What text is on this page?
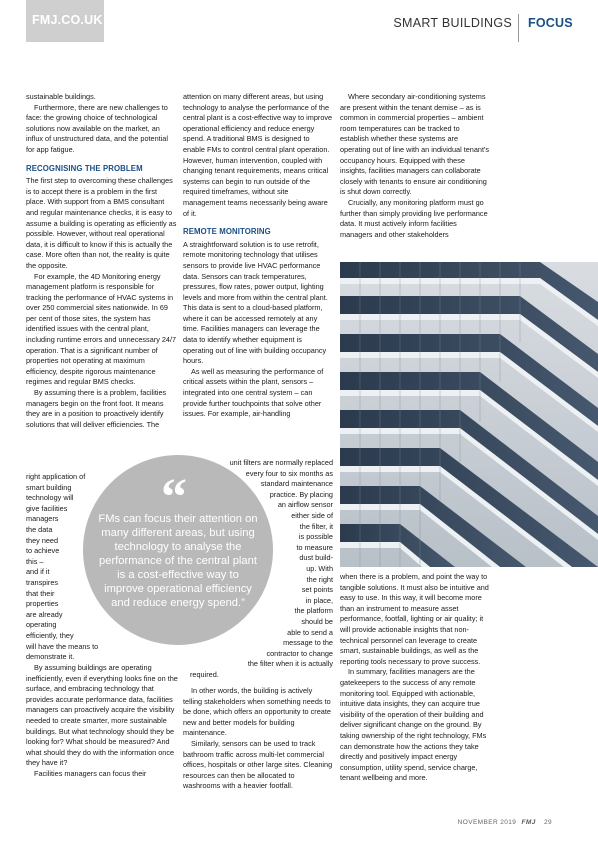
FMJ.CO.UK	SMART BUILDINGS FOCUS

sustainable buildings.

Furthermore, there are new challenges to face: the growing choice of technological solutions now available on the market, an influx of unstructured data, and the potential for app fatigue.

RECOGNISING THE PROBLEM

The first step to overcoming these challenges is to accept there is a problem in the first place. With support from a BMS consultant and regular maintenance checks, it is easy to assume a building is operating as efficiently as possible. However, without real operational data, it is difficult to know if this is actually the case. More often than not, the reality is quite the opposite.

For example, the 4D Monitoring energy management platform is responsible for tracking the performance of HVAC systems in over 250 commercial sites nationwide. In 69 per cent of those sites, the system has identified issues with the central plant, including runtime errors and unnecessary 24/7 operation. That is a significant number of properties not operating at maximum efficiency, despite rigorous maintenance regimes and regular BMS checks.

By assuming there is a problem, facilities managers begin on the front foot. It means they are in a position to proactively identify solutions that will deliver efficiencies. The

right application of
smart building
technology will
give facilities
managers
the data
they need
to achieve
this –
and if it
transpires
that their
properties
are already
operating
efficiently, they
will have the means to
demonstrate it.

By assuming buildings are operating inefficiently, even if everything looks fine on the surface, and embracing technology that provides accurate performance data, facilities managers can proactively acquire the visibility needed to create smarter, more sustainable buildings. But what technology should they be looking for? What should be measured? And what should they do with the information once they have it?

Facilities managers can focus their

attention on many different areas, but using technology to analyse the performance of the central plant is a cost-effective way to improve operational efficiency and reduce energy spend. A traditional BMS is designed to enable FMs to control central plant operation. However, human intervention, coupled with changing tenant requirements, means critical systems can begin to run outside of the required timeframes, without site management teams necessarily being aware of it.

REMOTE MONITORING

A straightforward solution is to use retrofit, remote monitoring technology that utilises sensors to provide live HVAC performance data. Sensors can track temperatures, pressures, flow rates, power output, lighting levels and more from within the central plant. This data is sent to a cloud-based platform, where it can be accessed remotely at any time. Facilities managers can leverage the data to identify whether equipment is operating out of line with building occupancy hours.

As well as measuring the performance of critical assets within the plant, sensors – integrated into one central system – can provide further touchpoints that solve other issues. For example, air-handling

unit filters are normally replaced
every four to six months as
standard maintenance
practice. By placing
an airflow sensor
either side of
the filter, it
is possible
to measure
dust build-
up. With
the right
set points
in place,
the platform
should be
able to send a
message to the
contractor to change
the filter when it is actually
required.

In other words, the building is actively telling stakeholders when something needs to be done, which offers an opportunity to create new and better models for building maintenance.

Similarly, sensors can be used to track bathroom traffic across multi-let commercial offices, hospitals or other large sites. Cleaning resources can then be allocated to washrooms with a heavier footfall.

“
FMs can focus their attention on many different areas, but using technology to analyse the performance of the central plant is a cost-effective way to improve operational efficiency and reduce energy spend.”

Where secondary air-conditioning systems are present within the tenant demise – as is common in commercial properties – ambient room temperatures can be tracked to establish whether these systems are operating out of line with an individual tenant's occupancy hours. Equipped with these insights, facilities managers can collaborate closely with tenants to ensure air conditioning is shut down correctly.

Crucially, any monitoring platform must go further than simply providing live performance data. It must actively inform facilities managers and other stakeholders

when there is a problem, and point the way to tangible solutions. It must also be intuitive and easy to use. In this way, it will become more than an instrument to measure asset performance, footfall, lighting or air quality; it will provide actionable insights that non-technical personnel can leverage to create smart, sustainable buildings, as well as the reporting tools necessary to prove success.

In summary, facilities managers are the gatekeepers to the success of any remote monitoring tool. Equipped with actionable, intuitive data insights, they can acquire true visibility of the operation of their building and deliver significant change on the ground. By taking ownership of the right technology, FMs can demonstrate how the actions they take directly and positively impact energy consumption, utility spend, service charge, tenant wellbeing and more.

NOVEMBER 2019 FMJ 29
